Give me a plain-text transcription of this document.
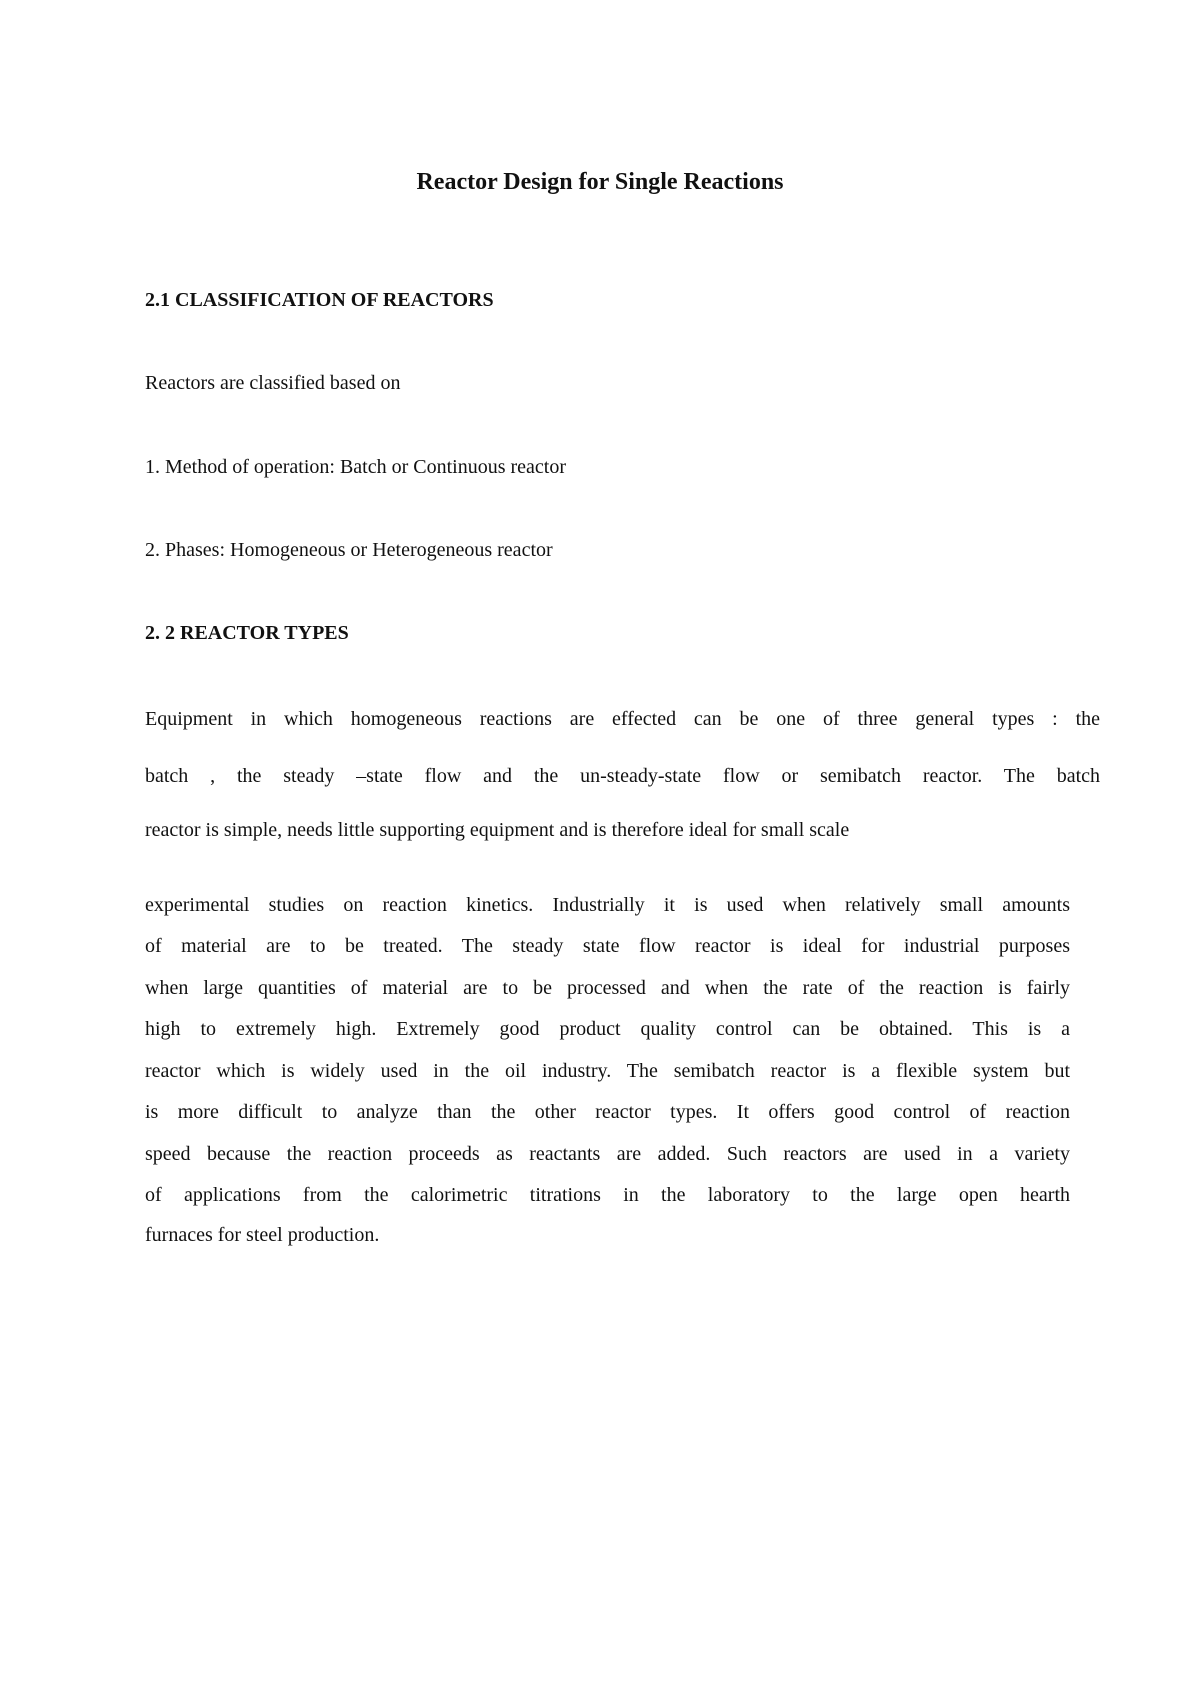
Reactor Design for Single Reactions
2.1 CLASSIFICATION OF REACTORS

Reactors are classified based on

1. Method of operation: Batch or Continuous reactor

2. Phases: Homogeneous or Heterogeneous reactor

2. 2 REACTOR TYPES

Equipment in which homogeneous reactions are effected can be one of three general types : the

batch , the steady –state flow and the un-steady-state flow or semibatch reactor. The batch

reactor is simple, needs little supporting equipment and is therefore ideal for small scale

experimental studies on reaction kinetics. Industrially it is used when relatively small amounts

of material are to be treated. The steady state flow reactor is ideal for industrial purposes

when large quantities of material are to be processed and when the rate of the reaction is fairly

high to extremely high. Extremely good product quality control can be obtained. This is a

reactor which is widely used in the oil industry. The semibatch reactor is a flexible system but

is more difficult to analyze than the other reactor types. It offers good control of reaction

speed because the reaction proceeds as reactants are added. Such reactors are used in a variety

of applications from the calorimetric titrations in the laboratory to the large open hearth

furnaces for steel production.
